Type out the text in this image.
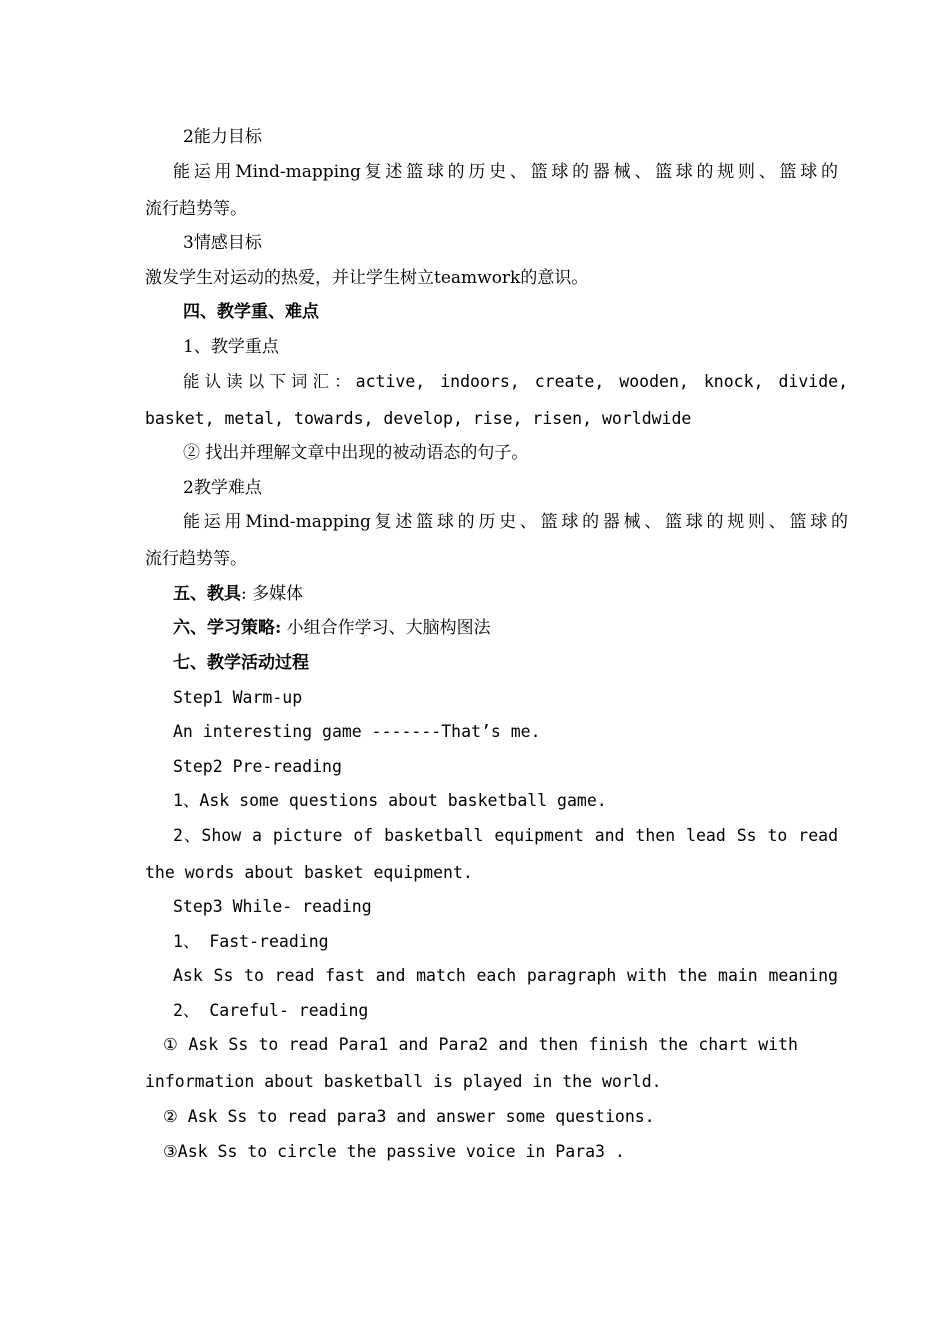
2能力目标
能运用Mind-mapping复述篮球的历史、篮球的器械、篮球的规则、篮球的
流行趋势等。
3情感目标
激发学生对运动的热爱，并让学生树立teamwork的意识。
四、教学重、难点
1、教学重点
能认读以下词汇：active, indoors, create, wooden, knock, divide,
basket, metal, towards, develop, rise, risen, worldwide
② 找出并理解文章中出现的被动语态的句子。
2教学难点
能运用Mind-mapping复述篮球的历史、篮球的器械、篮球的规则、篮球的
流行趋势等。
五、教具: 多媒体
六、学习策略: 小组合作学习、大脑构图法
七、教学活动过程
Step1 Warm-up
An interesting game -------That’s me.
Step2 Pre-reading
1、Ask some questions about basketball game.
2、Show a picture of basketball equipment and then lead Ss to read
the words about basket equipment.
Step3 While- reading
1、 Fast-reading
Ask Ss to read fast and match each paragraph with the main meaning
2、 Careful- reading
① Ask Ss to read Para1 and Para2 and then finish the chart with
information about basketball is played in the world.
② Ask Ss to read para3 and answer some questions.
③Ask Ss to circle the passive voice in Para3 .
